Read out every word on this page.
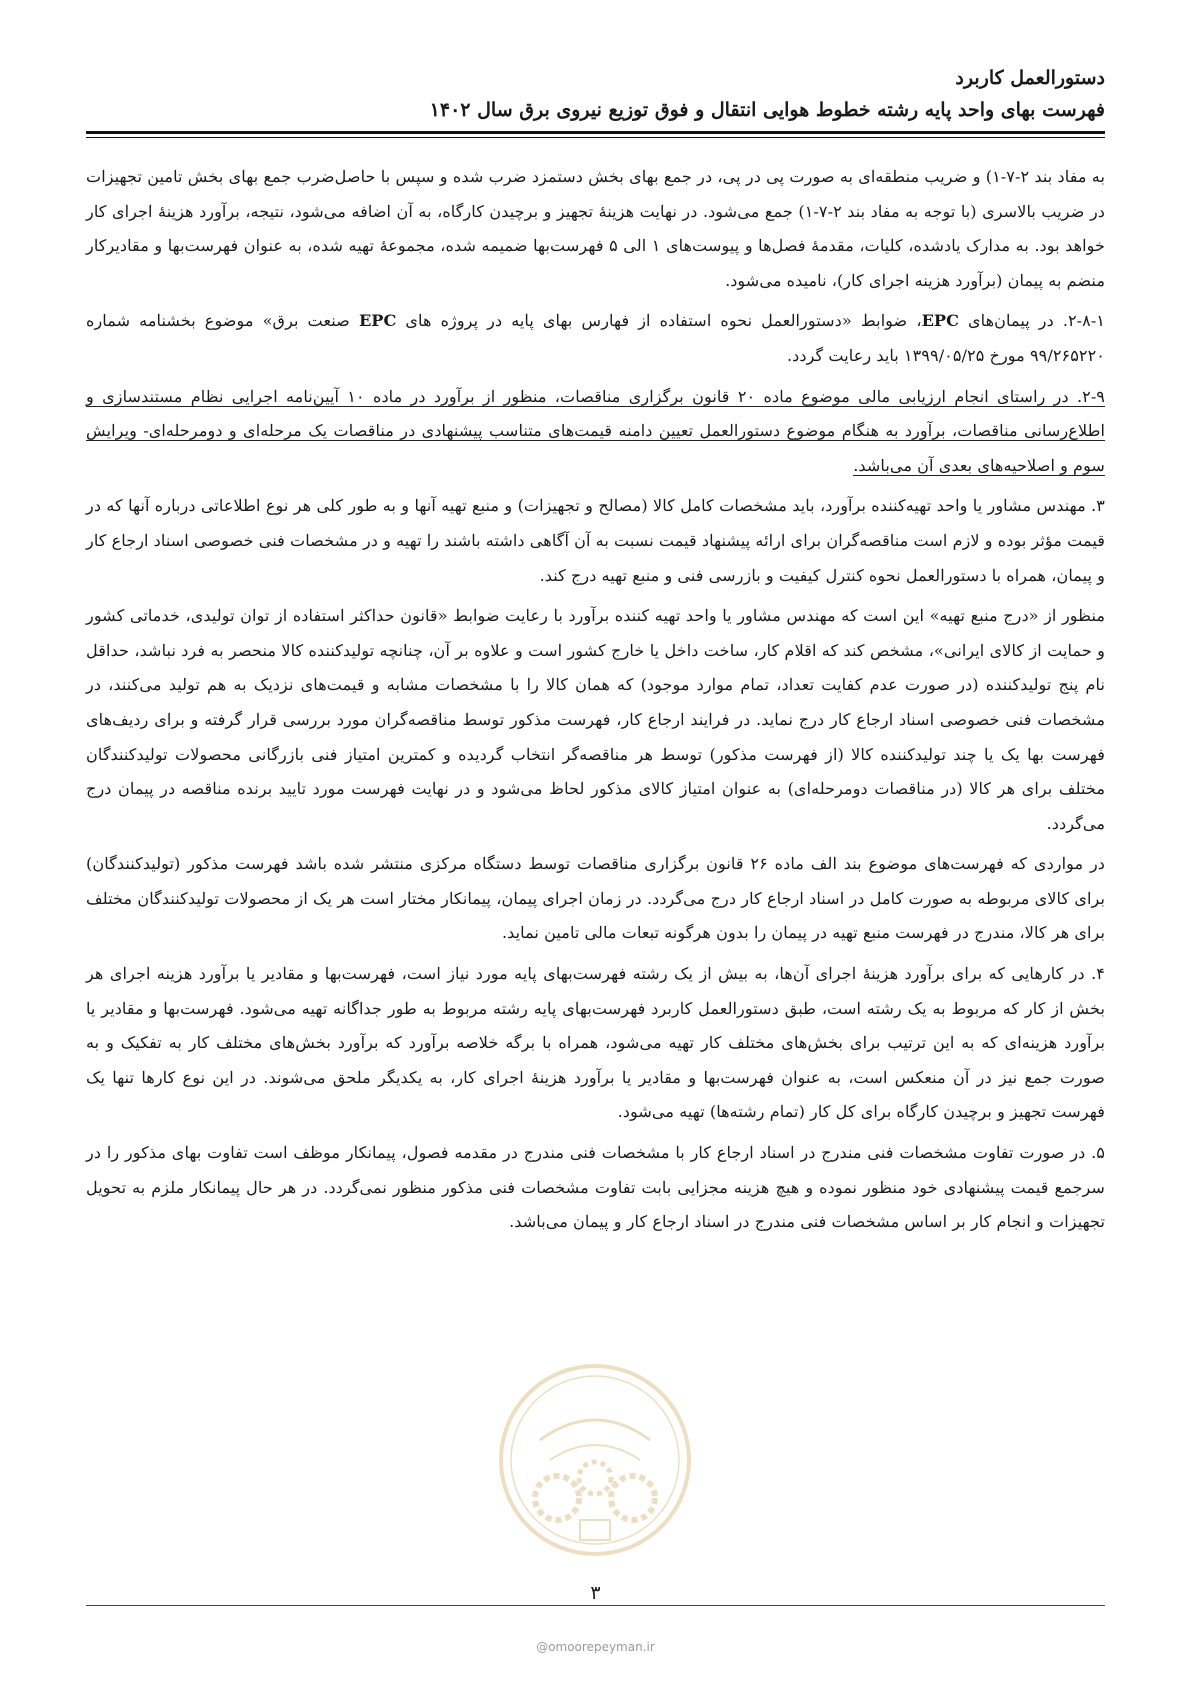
دستورالعمل کاربرد
فهرست بهای واحد پایه رشته خطوط هوایی انتقال و فوق توزیع نیروی برق سال ۱۴۰۲

به مفاد بند ۲-۷-۱) و ضریب منطقه‌ای به صورت پی در پی، در جمع بهای بخش دستمزد ضرب شده و سپس با حاصل‌ضرب جمع بهای بخش تامین تجهیزات در ضریب بالاسری (با توجه به مفاد بند ۲-۷-۱) جمع می‌شود. در نهایت هزینهٔ تجهیز و برچیدن کارگاه، به آن اضافه می‌شود، نتیجه، برآورد هزینهٔ اجرای کار خواهد بود. به مدارک یادشده، کلیات، مقدمهٔ فصل‌ها و پیوست‌های ۱ الی ۵ فهرست‌بها ضمیمه شده، مجموعهٔ تهیه شده، به عنوان فهرست‌بها و مقادیرکار منضم به پیمان (برآورد هزینه اجرای کار)، نامیده می‌شود.

۲-۸-۱. در پیمان‌های EPC، ضوابط «دستورالعمل نحوه استفاده از فهارس بهای پایه در پروژه های EPC صنعت برق» موضوع بخشنامه شماره ۹۹/۲۶۵۲۲۰ مورخ ۱۳۹۹/۰۵/۲۵ باید رعایت گردد.

۲-۹. در راستای انجام ارزیابی مالی موضوع ماده ۲۰ قانون برگزاری مناقصات، منظور از برآورد در ماده ۱۰ آیین‌نامه اجرایی نظام مستندسازی و اطلاع‌رسانی مناقصات، برآورد به هنگام موضوع دستورالعمل تعیین دامنه قیمت‌های متناسب پیشنهادی در مناقصات یک مرحله‌ای و دومرحله‌ای- ویرایش سوم و اصلاحیه‌های بعدی آن می‌باشد.

۳. مهندس مشاور یا واحد تهیه‌کننده برآورد، باید مشخصات کامل کالا (مصالح و تجهیزات) و منبع تهیه آنها و به طور کلی هر نوع اطلاعاتی درباره آنها که در قیمت مؤثر بوده و لازم است مناقصه‌گران برای ارائه پیشنهاد قیمت نسبت به آن آگاهی داشته باشند را تهیه و در مشخصات فنی خصوصی اسناد ارجاع کار و پیمان، همراه با دستورالعمل نحوه کنترل کیفیت و بازرسی فنی و منبع تهیه درج کند.

منظور از «درج منبع تهیه» این است که مهندس مشاور یا واحد تهیه کننده برآورد با رعایت ضوابط «قانون حداکثر استفاده از توان تولیدی، خدماتی کشور و حمایت از کالای ایرانی»، مشخص کند که اقلام کار، ساخت داخل یا خارج کشور است و علاوه بر آن، چنانچه تولیدکننده کالا منحصر به فرد نباشد، حداقل نام پنج تولیدکننده (در صورت عدم کفایت تعداد، تمام موارد موجود) که همان کالا را با مشخصات مشابه و قیمت‌های نزدیک به هم تولید می‌کنند، در مشخصات فنی خصوصی اسناد ارجاع کار درج نماید. در فرایند ارجاع کار، فهرست مذکور توسط مناقصه‌گران مورد بررسی قرار گرفته و برای ردیف‌های فهرست بها یک یا چند تولیدکننده کالا (از فهرست مذکور) توسط هر مناقصه‌گر انتخاب گردیده و کمترین امتیاز فنی بازرگانی محصولات تولیدکنندگان مختلف برای هر کالا (در مناقصات دومرحله‌ای) به عنوان امتیاز کالای مذکور لحاظ می‌شود و در نهایت فهرست مورد تایید برنده مناقصه در پیمان درج می‌گردد.

در مواردی که فهرست‌های موضوع بند الف ماده ۲۶ قانون برگزاری مناقصات توسط دستگاه مرکزی منتشر شده باشد فهرست مذکور (تولیدکنندگان) برای کالای مربوطه به صورت کامل در اسناد ارجاع کار درج می‌گردد. در زمان اجرای پیمان، پیمانکار مختار است هر یک از محصولات تولیدکنندگان مختلف برای هر کالا، مندرج در فهرست منبع تهیه در پیمان را بدون هرگونه تبعات مالی تامین نماید.

۴. در کارهایی که برای برآورد هزینهٔ اجرای آن‌ها، به بیش از یک رشته فهرست‌بهای پایه مورد نیاز است، فهرست‌بها و مقادیر یا برآورد هزینه اجرای هر بخش از کار که مربوط به یک رشته است، طبق دستورالعمل کاربرد فهرست‌بهای پایه رشته مربوط به طور جداگانه تهیه می‌شود. فهرست‌بها و مقادیر یا برآورد هزینه‌ای که به این ترتیب برای بخش‌های مختلف کار تهیه می‌شود، همراه با برگه خلاصه برآورد که برآورد بخش‌های مختلف کار به تفکیک و به صورت جمع نیز در آن منعکس است، به عنوان فهرست‌بها و مقادیر یا برآورد هزینهٔ اجرای کار، به یکدیگر ملحق می‌شوند. در این نوع کارها تنها یک فهرست تجهیز و برچیدن کارگاه برای کل کار (تمام رشته‌ها) تهیه می‌شود.

۵. در صورت تفاوت مشخصات فنی مندرج در اسناد ارجاع کار با مشخصات فنی مندرج در مقدمه فصول، پیمانکار موظف است تفاوت بهای مذکور را در سرجمع قیمت پیشنهادی خود منظور نموده و هیچ هزینه مجزایی بابت تفاوت مشخصات فنی مذکور منظور نمی‌گردد. در هر حال پیمانکار ملزم به تحویل تجهیزات و انجام کار بر اساس مشخصات فنی مندرج در اسناد ارجاع کار و پیمان می‌باشد.

۳
@omoorepeyman.ir
